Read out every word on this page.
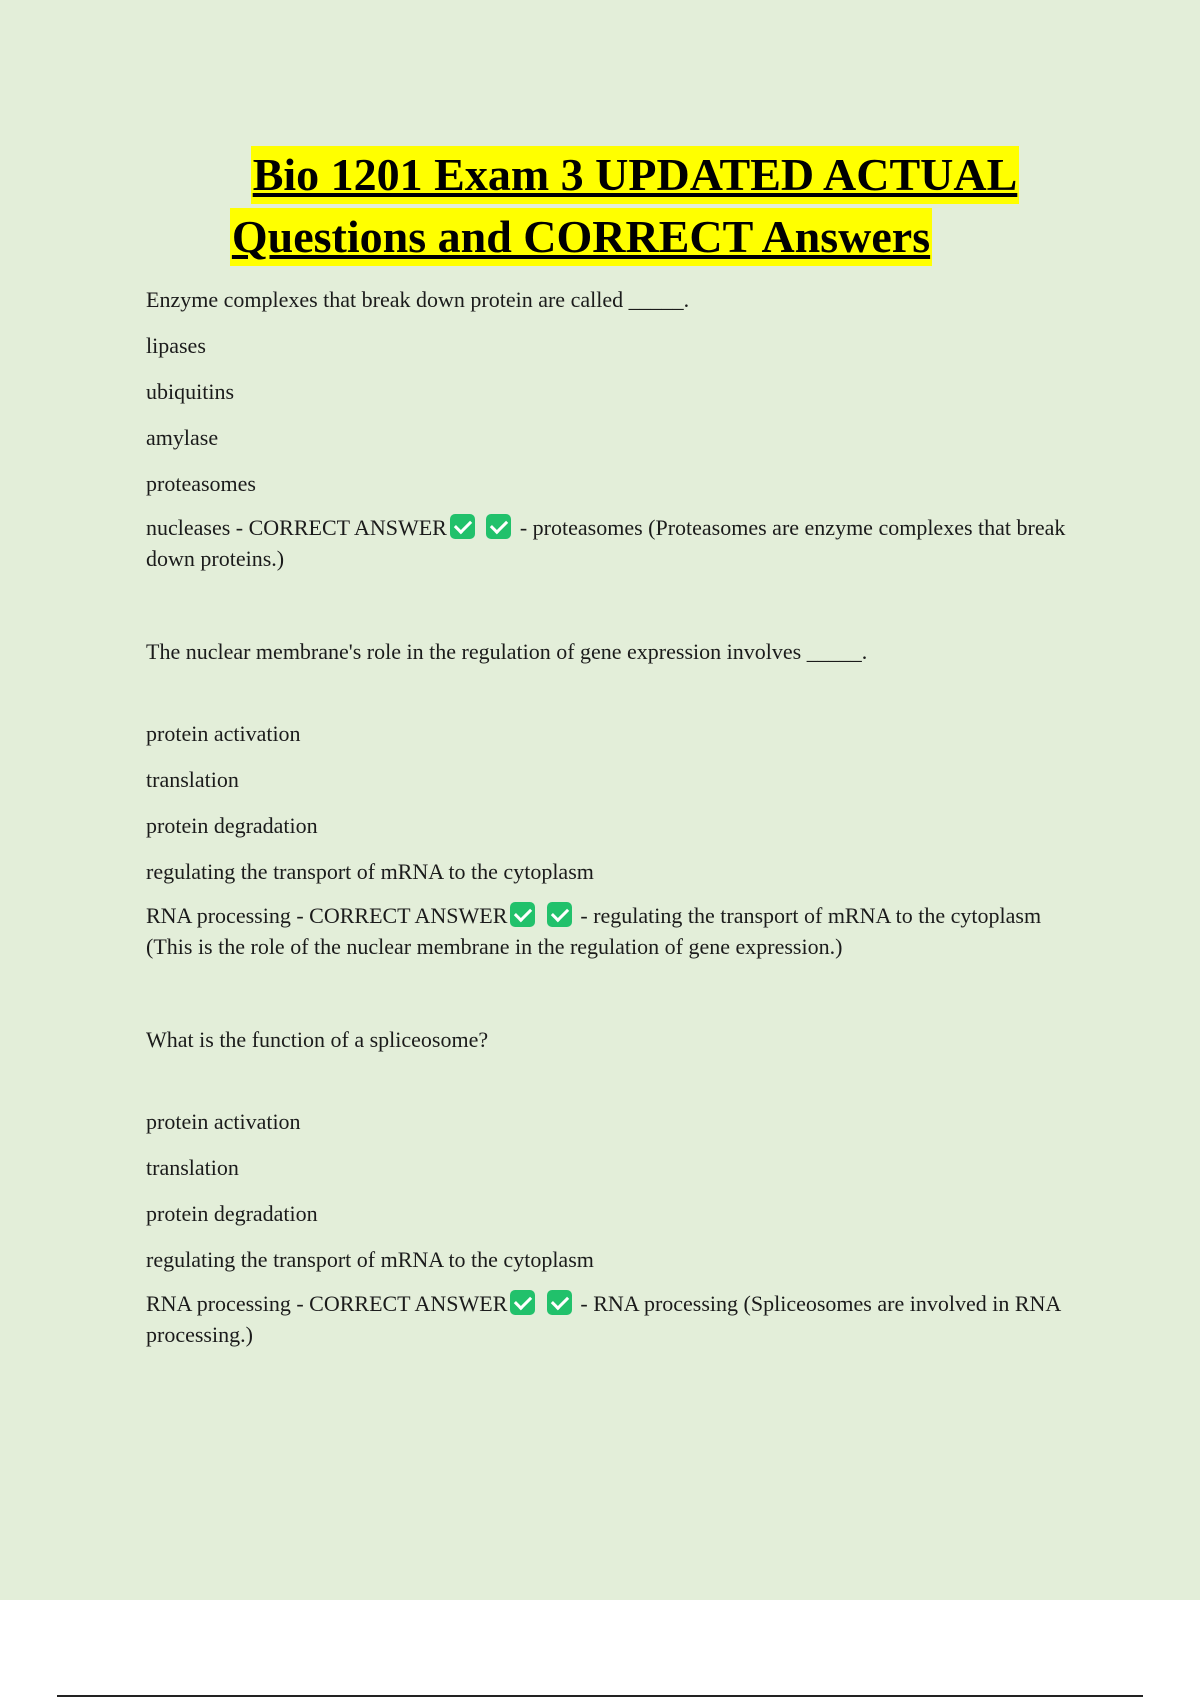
Bio 1201 Exam 3 UPDATED ACTUAL
Questions and CORRECT Answers

Enzyme complexes that break down protein are called _____.

lipases

ubiquitins

amylase

proteasomes

nucleases - CORRECT ANSWER	- proteasomes (Proteasomes are enzyme complexes that break down proteins.)

The nuclear membrane's role in the regulation of gene expression involves _____.

protein activation

translation

protein degradation

regulating the transport of mRNA to the cytoplasm

RNA processing - CORRECT ANSWER	- regulating the transport of mRNA to the cytoplasm (This is the role of the nuclear membrane in the regulation of gene expression.)

What is the function of a spliceosome?

protein activation

translation

protein degradation

regulating the transport of mRNA to the cytoplasm

RNA processing - CORRECT ANSWER	- RNA processing (Spliceosomes are involved in RNA processing.)
